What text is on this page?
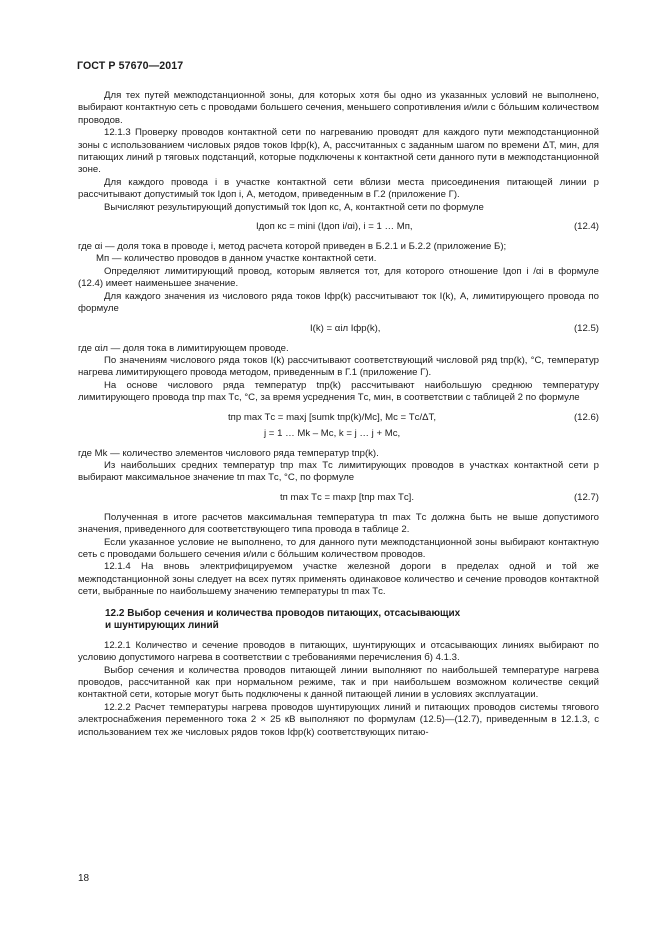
ГОСТ Р 57670—2017

Для тех путей межподстанционной зоны, для которых хотя бы одно из указанных условий не выполнено, выбирают контактную сеть с проводами большего сечения, меньшего сопротивления и/или с бо́льшим количеством проводов.

12.1.3 Проверку проводов контактной сети по нагреванию проводят для каждого пути межподстанционной зоны с использованием числовых рядов токов Iфр(k), А, рассчитанных с заданным шагом по времени ΔT, мин, для питающих линий p тяговых подстанций, которые подключены к контактной сети данного пути в межподстанционной зоне.

Для каждого провода i в участке контактной сети вблизи места присоединения питающей линии p рассчитывают допустимый ток Iдоп i, А, методом, приведенным в Г.2 (приложение Г).

Вычисляют результирующий допустимый ток Iдоп кс, А, контактной сети по формуле

Iдоп кс = mini (Iдоп i/αi), i = 1 … Mп,	(12.4)

где αi — доля тока в проводе i, метод расчета которой приведен в Б.2.1 и Б.2.2 (приложение Б);

Mп — количество проводов в данном участке контактной сети.

Определяют лимитирующий провод, которым является тот, для которого отношение Iдоп i /αi в формуле (12.4) имеет наименьшее значение.

Для каждого значения из числового ряда токов Iфр(k) рассчитывают ток I(k), А, лимитирующего провода по формуле

I(k) = αiл Iфр(k),	(12.5)

где αiл — доля тока в лимитирующем проводе.

По значениям числового ряда токов I(k) рассчитывают соответствующий числовой ряд tпр(k), °С, температур нагрева лимитирующего провода методом, приведенным в Г.1 (приложение Г).

На основе числового ряда температур tпр(k) рассчитывают наибольшую среднюю температуру лимитирующего провода tпр max Tс, °С, за время усреднения Tс, мин, в соответствии с таблицей 2 по формуле

tпр max Tс = maxj [sumk tпр(k)/Mс], Mс = Tс/ΔT,	(12.6)
j = 1 … Mk – Mс, k = j … j + Mс,

где Mk — количество элементов числового ряда температур tпр(k).

Из наибольших средних температур tпр max Tс лимитирующих проводов в участках контактной сети p выбирают максимальное значение tп max Tс, °С, по формуле

tп max Tс = maxp [tпр max Tс].	(12.7)

Полученная в итоге расчетов максимальная температура tп max Tс должна быть не выше допустимого значения, приведенного для соответствующего типа провода в таблице 2.

Если указанное условие не выполнено, то для данного пути межподстанционной зоны выбирают контактную сеть с проводами большего сечения и/или с бо́льшим количеством проводов.

12.1.4 На вновь электрифицируемом участке железной дороги в пределах одной и той же межподстанционной зоны следует на всех путях применять одинаковое количество и сечение проводов контактной сети, выбранные по наибольшему значению температуры tп max Tс.

12.2 Выбор сечения и количества проводов питающих, отсасывающих
и шунтирующих линий

12.2.1 Количество и сечение проводов в питающих, шунтирующих и отсасывающих линиях выбирают по условию допустимого нагрева в соответствии с требованиями перечисления б) 4.1.3.

Выбор сечения и количества проводов питающей линии выполняют по наибольшей температуре нагрева проводов, рассчитанной как при нормальном режиме, так и при наибольшем возможном количестве секций контактной сети, которые могут быть подключены к данной питающей линии в условиях эксплуатации.

12.2.2 Расчет температуры нагрева проводов шунтирующих линий и питающих проводов системы тягового электроснабжения переменного тока 2 × 25 кВ выполняют по формулам (12.5)—(12.7), приведенным в 12.1.3, с использованием тех же числовых рядов токов Iфр(k) соответствующих питаю-

18
